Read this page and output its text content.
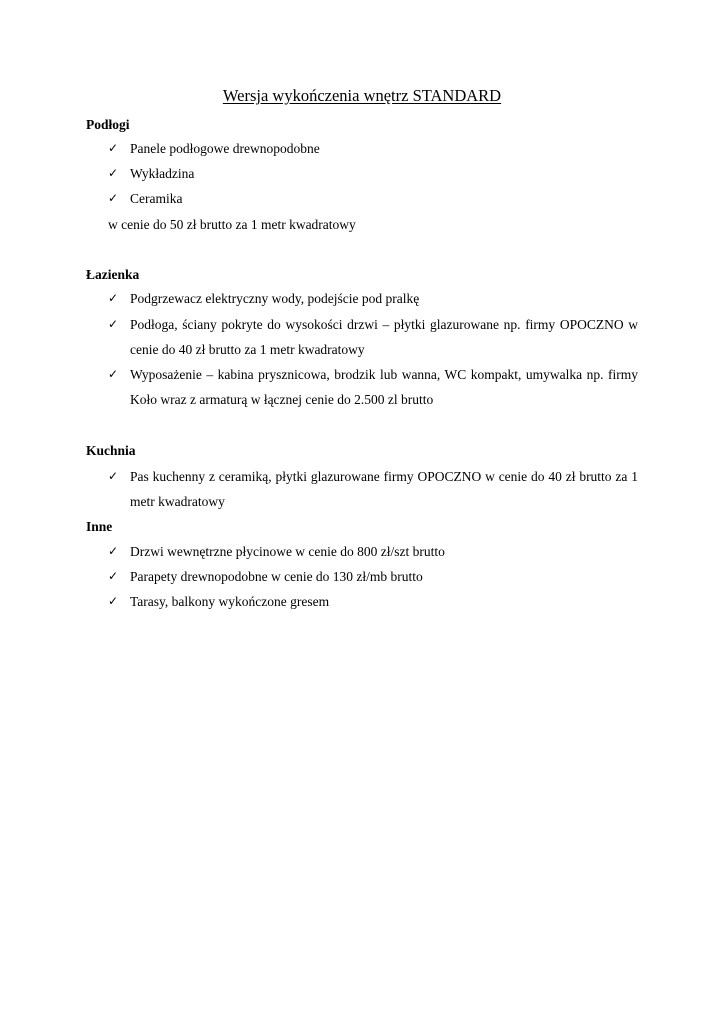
Wersja wykończenia wnętrz STANDARD
Podłogi
✓ Panele podłogowe drewnopodobne
✓ Wykładzina
✓ Ceramika
w cenie do 50 zł brutto za 1 metr kwadratowy
Łazienka
✓ Podgrzewacz elektryczny wody, podejście pod pralkę
✓ Podłoga, ściany pokryte do wysokości drzwi – płytki glazurowane np. firmy OPOCZNO w cenie do 40 zł brutto za 1 metr kwadratowy
✓ Wyposażenie – kabina prysznicowa, brodzik lub wanna, WC kompakt, umywalka np. firmy Koło wraz z armaturą w łącznej cenie do 2.500 zl brutto
Kuchnia
✓ Pas kuchenny z ceramiką, płytki glazurowane firmy OPOCZNO w cenie do 40 zł brutto za 1 metr kwadratowy
Inne
✓ Drzwi wewnętrzne płycinowe w cenie do 800 zł/szt brutto
✓ Parapety drewnopodobne w cenie do 130 zł/mb brutto
✓ Tarasy, balkony wykończone gresem
